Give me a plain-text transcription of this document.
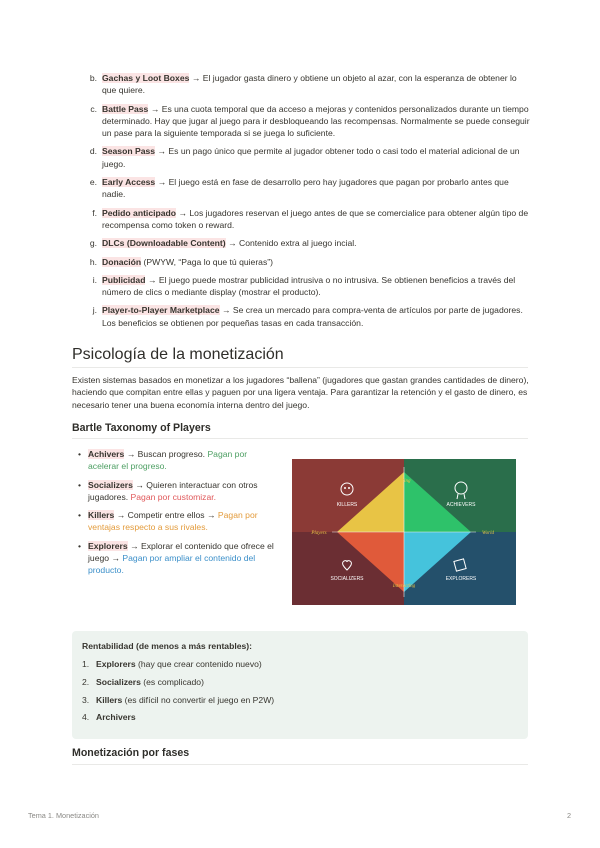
b. Gachas y Loot Boxes → El jugador gasta dinero y obtiene un objeto al azar, con la esperanza de obtener lo que quiere.
c. Battle Pass → Es una cuota temporal que da acceso a mejoras y contenidos personalizados durante un tiempo determinado. Hay que jugar al juego para ir desbloqueando las recompensas. Normalmente se puede conseguir un pase para la siguiente temporada si se juega lo suficiente.
d. Season Pass → Es un pago único que permite al jugador obtener todo o casi todo el material adicional de un juego.
e. Early Access → El juego está en fase de desarrollo pero hay jugadores que pagan por probarlo antes que nadie.
f. Pedido anticipado → Los jugadores reservan el juego antes de que se comercialice para obtener algún tipo de recompensa como token o reward.
g. DLCs (Downloadable Content) → Contenido extra al juego incial.
h. Donación (PWYW, “Paga lo que tú quieras”)
i. Publicidad → El juego puede mostrar publicidad intrusiva o no intrusiva. Se obtienen beneficios a través del número de clics o mediante display (mostrar el producto).
j. Player-to-Player Marketplace → Se crea un mercado para compra-venta de artículos por parte de jugadores. Los beneficios se obtienen por pequeñas tasas en cada transacción.
Psicología de la monetización

Existen sistemas basados en monetizar a los jugadores “ballena” (jugadores que gastan grandes cantidades de dinero), haciendo que compitan entre ellas y paguen por una ligera ventaja. Para garantizar la retención y el gasto de dinero, es necesario tener una buena economía interna dentro del juego.

Bartle Taxonomy of Players
• Achivers → Buscan progreso. Pagan por acelerar el progreso.
• Socializers → Quieren interactuar con otros jugadores. Pagan por customizar.
• Killers → Competir entre ellos → Pagan por ventajas respecto a sus rivales.
• Explorers → Explorar el contenido que ofrece el juego → Pagan por ampliar el contenido del producto.
KILLERS	ACHIEVERS
SOCIALIZERS	EXPLORERS
Acting
Interacting
Players	World
Rentabilidad (de menos a más rentables):
1. Explorers (hay que crear contenido nuevo)
2. Socializers (es complicado)
3. Killers (es difícil no convertir el juego en P2W)
4. Archivers
Monetización por fases
Tema 1. Monetización	2
